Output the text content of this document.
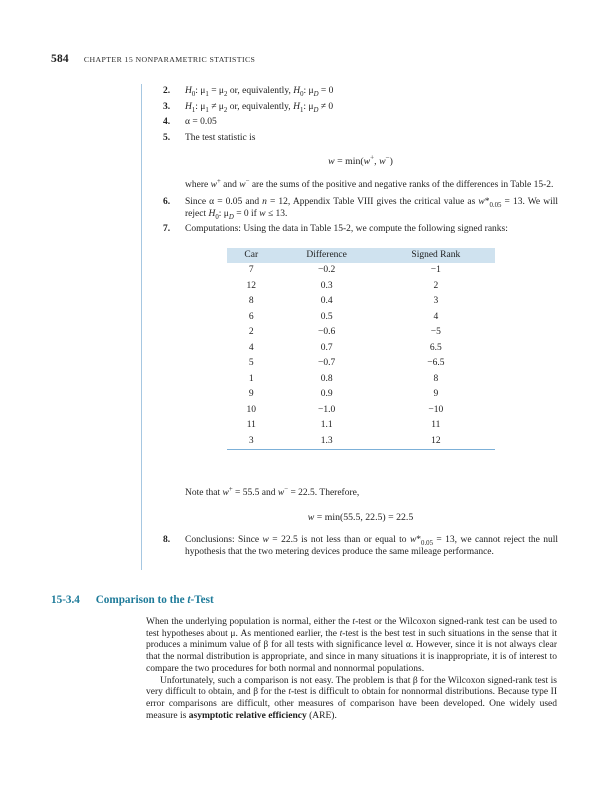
584 CHAPTER 15 NONPARAMETRIC STATISTICS
2.	$H_0$: $\mu_1 = \mu_2$ or, equivalently, $H_0$: $\mu_D = 0$
3.	$H_1$: $\mu_1 \ne \mu_2$ or, equivalently, $H_1$: $\mu_D \ne 0$
4.	α = 0.05
5.	The test statistic is
w = min(w+, w−)
where w+ and w− are the sums of the positive and negative ranks of the differences in Table 15-2.
6.	Since α = 0.05 and n = 12, Appendix Table VIII gives the critical value as $w*_{0.05} = 13$. We will reject $H_0$: $\mu_D = 0$ if w ≤ 13.
7.	Computations: Using the data in Table 15-2, we compute the following signed ranks:
Car	Difference	Signed Rank
7	−0.2	−1
12	0.3	2
8	0.4	3
6	0.5	4
2	−0.6	−5
4	0.7	6.5
5	−0.7	−6.5
1	0.8	8
9	0.9	9
10	−1.0	−10
11	1.1	11
3	1.3	12
Note that w+ = 55.5 and w− = 22.5. Therefore,
w = min(55.5, 22.5) = 22.5
8.	Conclusions: Since w = 22.5 is not less than or equal to $w*_{0.05} = 13$, we cannot reject the null hypothesis that the two metering devices produce the same mileage performance.
15-3.4 Comparison to the t-Test

When the underlying population is normal, either the t-test or the Wilcoxon signed-rank test can be used to test hypotheses about μ. As mentioned earlier, the t-test is the best test in such situations in the sense that it produces a minimum value of β for all tests with significance level α. However, since it is not always clear that the normal distribution is appropriate, and since in many situations it is inappropriate, it is of interest to compare the two procedures for both normal and nonnormal populations.

Unfortunately, such a comparison is not easy. The problem is that β for the Wilcoxon signed-rank test is very difficult to obtain, and β for the t-test is difficult to obtain for nonnormal distributions. Because type II error comparisons are difficult, other measures of comparison have been developed. One widely used measure is asymptotic relative efficiency (ARE).
